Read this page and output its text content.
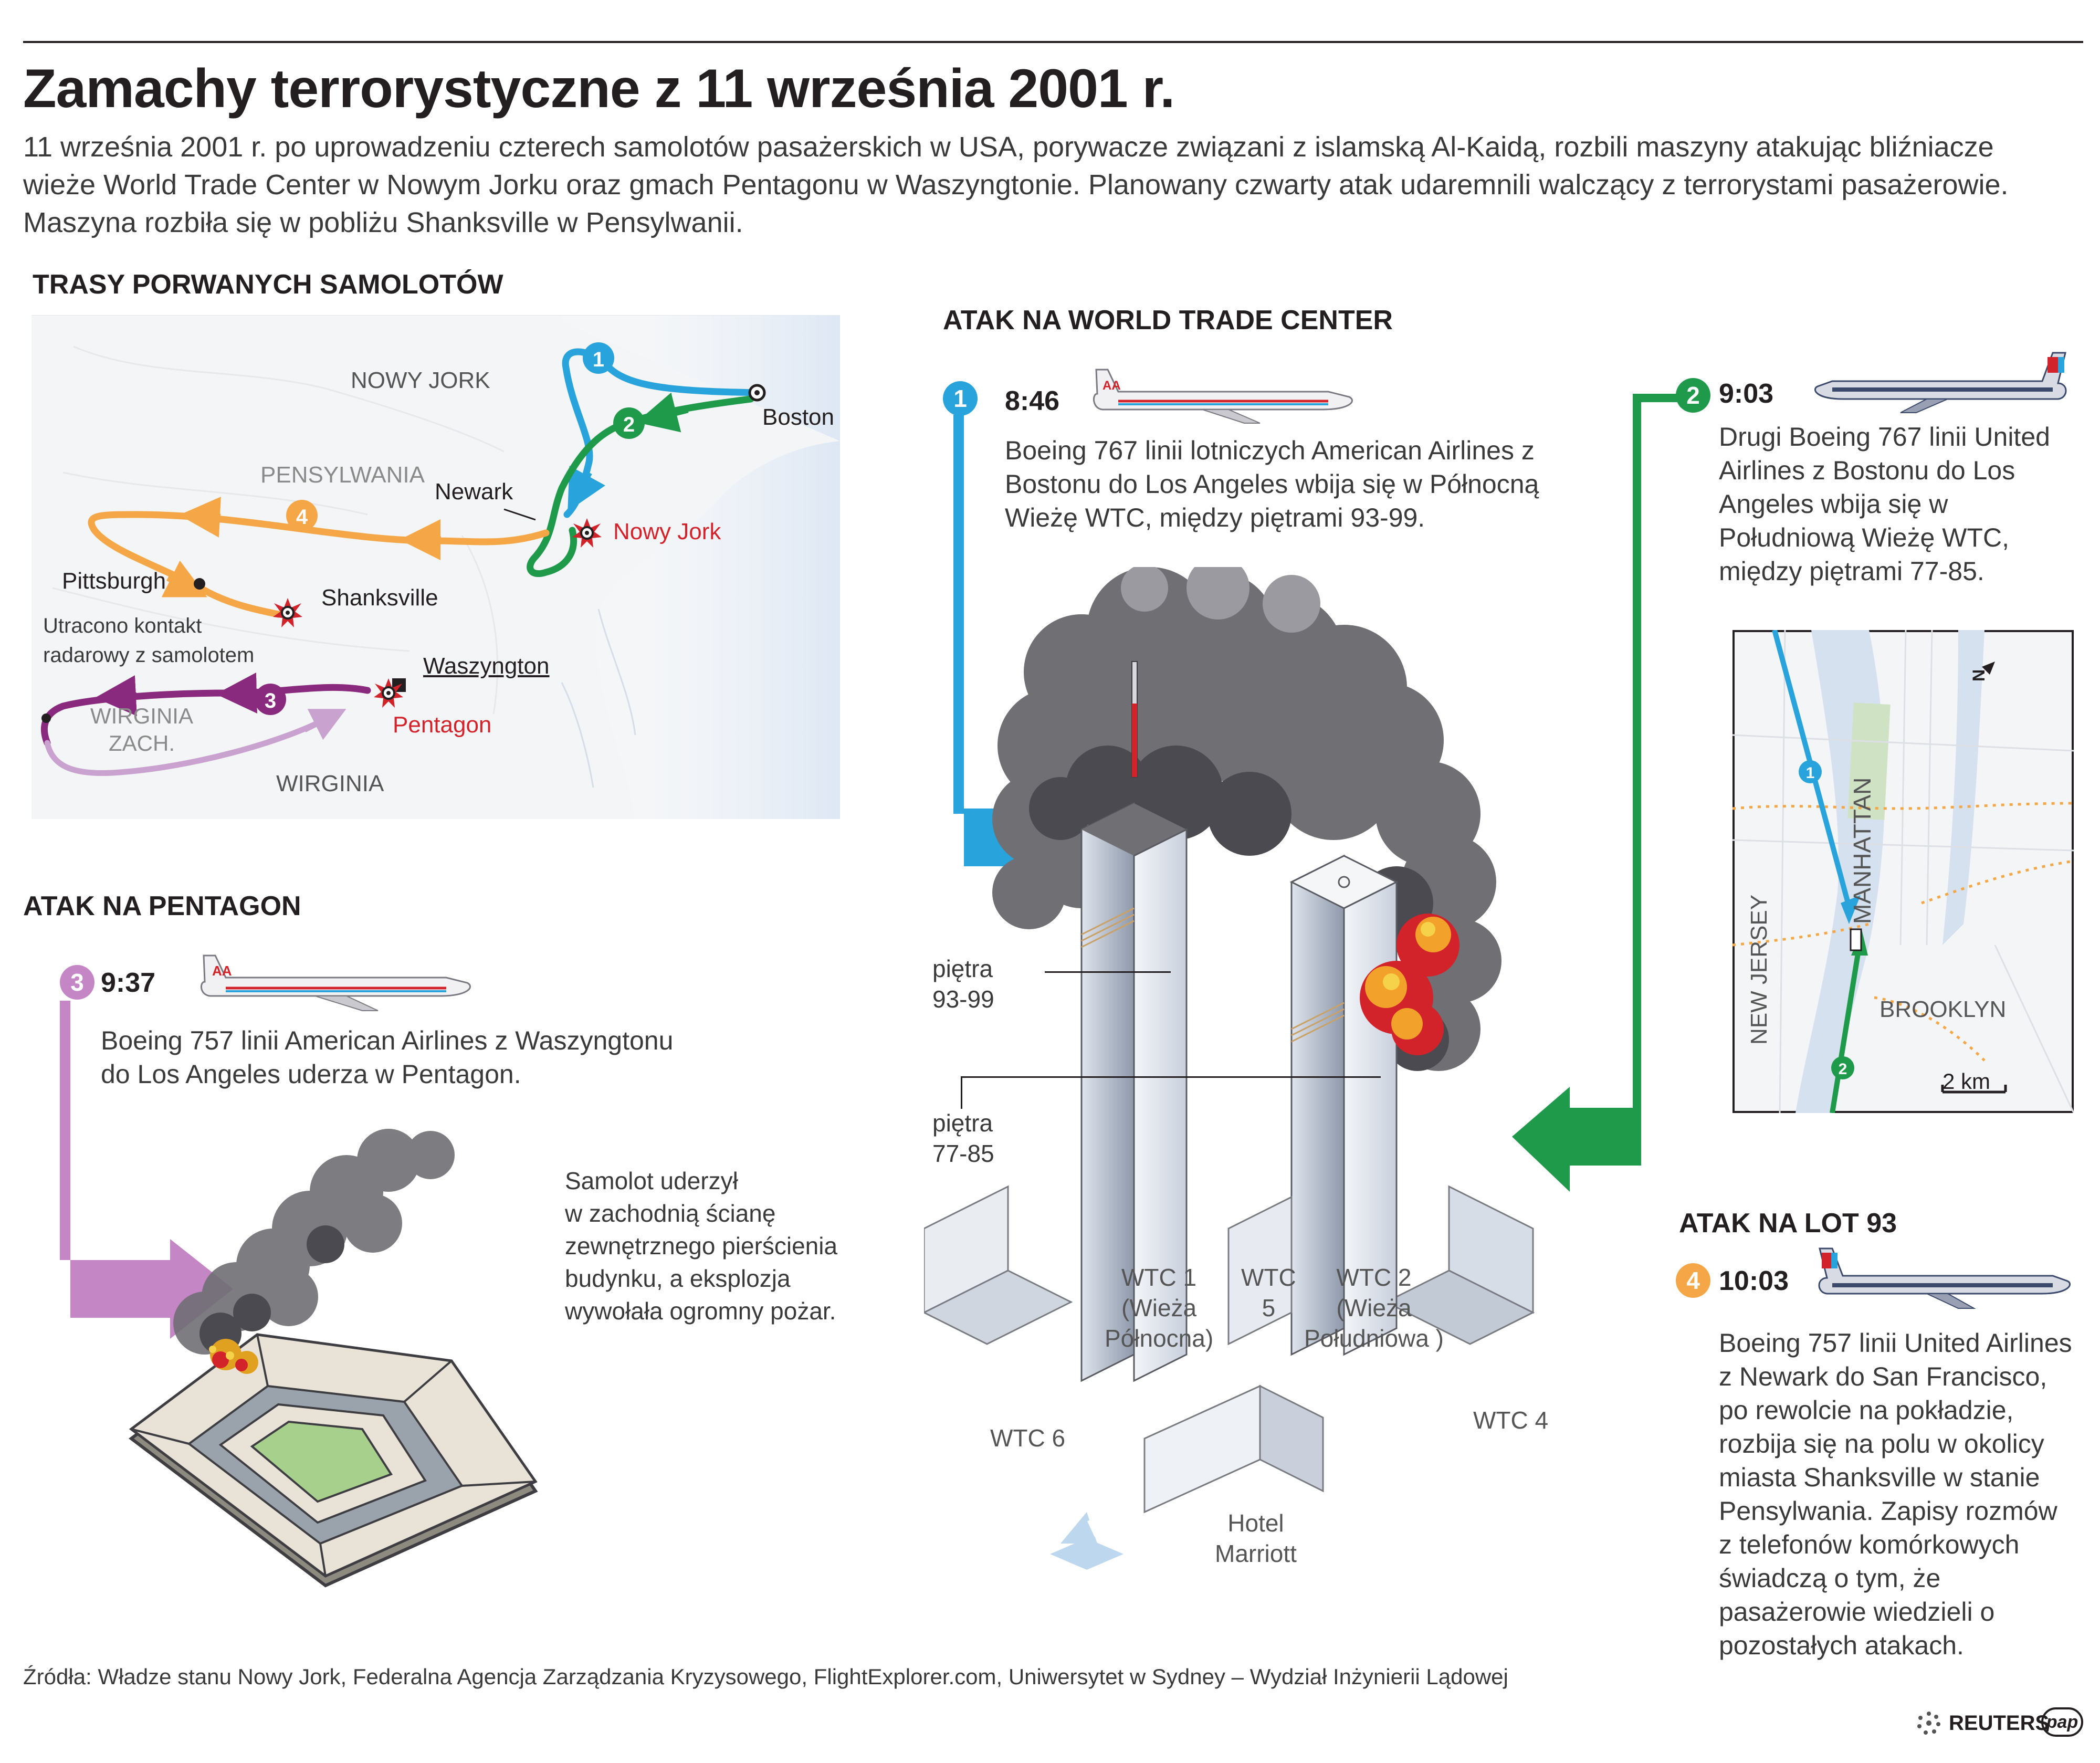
Zamachy terrorystyczne z 11 września 2001 r.
11 września 2001 r. po uprowadzeniu czterech samolotów pasażerskich w USA, porywacze związani z islamską Al-Kaidą, rozbili maszyny atakując bliźniacze wieże World Trade Center w Nowym Jorku oraz gmach Pentagonu w Waszyngtonie. Planowany czwarty atak udaremnili walczący z terrorystami pasażerowie. Maszyna rozbiła się w pobliżu Shanksville w Pensylwanii.
TRASY PORWANYCH SAMOLOTÓW
1
2
4
3
NOWY JORK
Boston
PENSYLWANIA
Newark
Nowy Jork
Pittsburgh
Shanksville
Utracono kontakt
radarowy z samolotem	Waszyngton
WIRGINIA
ZACH.
Pentagon
WIRGINIA
ATAK NA PENTAGON
3 9:37	AA
Boeing 757 linii American Airlines z Waszyngtonu do Los Angeles uderza w Pentagon.
Samolot uderzył
w zachodnią ścianę
zewnętrznego pierścienia
budynku, a eksplozja
wywołała ogromny pożar.
ATAK NA WORLD TRADE CENTER
1	8:46
AA
Boeing 767 linii lotniczych American Airlines z Bostonu do Los Angeles wbija się w Północną Wieżę WTC, między piętrami 93-99.
2 9:03
Drugi Boeing 767 linii United Airlines z Bostonu do Los Angeles wbija się w Południową Wieżę WTC, między piętrami 77-85.
piętra
93-99
piętra
77-85
WTC 1
(Wieża
Północna)
WTC
5
WTC 2
(Wieża
Południowa )
WTC 6
WTC 4
Hotel
Marriott
N
1
2
MANHATTAN
NEW JERSEY	BROOKLYN
2 km
N
ATAK NA LOT 93
4 10:03
Boeing 757 linii United Airlines z Newark do San Francisco, po rewolcie na pokładzie, rozbija się na polu w okolicy miasta Shanksville w stanie Pensylwania. Zapisy rozmów z telefonów komórkowych świadczą o tym, że pasażerowie wiedzieli o pozostałych atakach.
Źródła: Władze stanu Nowy Jork, Federalna Agencja Zarządzania Kryzysowego, FlightExplorer.com, Uniwersytet w Sydney – Wydział Inżynierii Lądowej
REUTERS
pap
